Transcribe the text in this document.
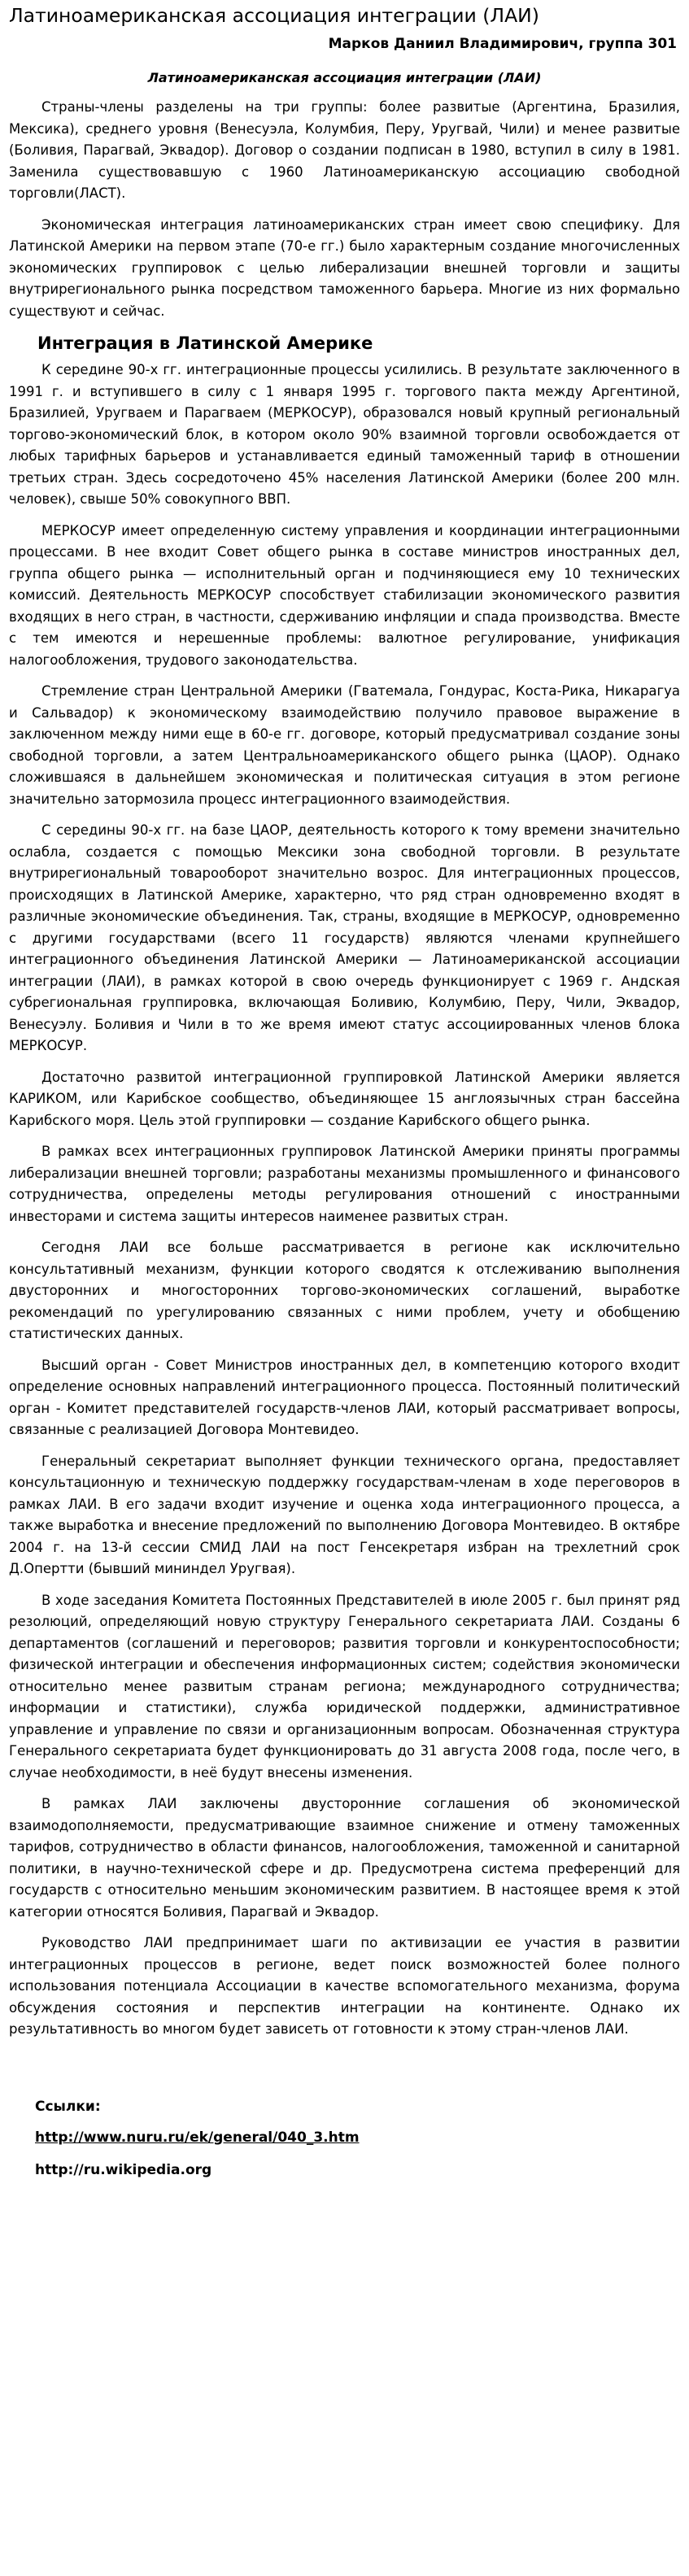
Латиноамериканская ассоциация интеграции (ЛАИ)
Марков Даниил Владимирович, группа 301
Латиноамериканская ассоциация интеграции (ЛАИ)

Страны-члены разделены на три группы: более развитые (Аргентина, Бразилия, Мексика), среднего уровня (Венесуэла, Колумбия, Перу, Уругвай, Чили) и менее развитые (Боливия, Парагвай, Эквадор). Договор о создании подписан в 1980, вступил в силу в 1981. Заменила существовавшую с 1960 Латиноамериканскую ассоциацию свободной торговли(ЛАСТ).

Экономическая интеграция латиноамериканских стран имеет свою специфику. Для Латинской Америки на первом этапе (70-е гг.) было характерным создание многочисленных экономических группировок с целью либерализации внешней торговли и защиты внутрирегионального рынка посредством таможенного барьера. Многие из них формально существуют и сейчас.

Интеграция в Латинской Америке

К середине 90-х гг. интеграционные процессы усилились. В результате заключенного в 1991 г. и вступившего в силу с 1 января 1995 г. торгового пакта между Аргентиной, Бразилией, Уругваем и Парагваем (МЕРКОСУР), образовался новый крупный региональный торгово-экономический блок, в котором около 90% взаимной торговли освобождается от любых тарифных барьеров и устанавливается единый таможенный тариф в отношении третьих стран. Здесь сосредоточено 45% населения Латинской Америки (более 200 млн. человек), свыше 50% совокупного ВВП.

МЕРКОСУР имеет определенную систему управления и координации интеграционными процессами. В нее входит Совет общего рынка в составе министров иностранных дел, группа общего рынка — исполнительный орган и подчиняющиеся ему 10 технических комиссий. Деятельность МЕРКОСУР способствует стабилизации экономического развития входящих в него стран, в частности, сдерживанию инфляции и спада производства. Вместе с тем имеются и нерешенные проблемы: валютное регулирование, унификация налогообложения, трудового законодательства.

Стремление стран Центральной Америки (Гватемала, Гондурас, Коста-Рика, Никарагуа и Сальвадор) к экономическому взаимодействию получило правовое выражение в заключенном между ними еще в 60-е гг. договоре, который предусматривал создание зоны свободной торговли, а затем Центральноамериканского общего рынка (ЦАОР). Однако сложившаяся в дальнейшем экономическая и политическая ситуация в этом регионе значительно затормозила процесс интеграционного взаимодействия.

С середины 90-х гг. на базе ЦАОР, деятельность которого к тому времени значительно ослабла, создается с помощью Мексики зона свободной торговли. В результате внутрирегиональный товарооборот значительно возрос. Для интеграционных процессов, происходящих в Латинской Америке, характерно, что ряд стран одновременно входят в различные экономические объединения. Так, страны, входящие в МЕРКОСУР, одновременно с другими государствами (всего 11 государств) являются членами крупнейшего интеграционного объединения Латинской Америки — Латиноамериканской ассоциации интеграции (ЛАИ), в рамках которой в свою очередь функционирует с 1969 г. Андская субрегиональная группировка, включающая Боливию, Колумбию, Перу, Чили, Эквадор, Венесуэлу. Боливия и Чили в то же время имеют статус ассоциированных членов блока МЕРКОСУР.

Достаточно развитой интеграционной группировкой Латинской Америки является КАРИКОМ, или Карибское сообщество, объединяющее 15 англоязычных стран бассейна Карибского моря. Цель этой группировки — создание Карибского общего рынка.

В рамках всех интеграционных группировок Латинской Америки приняты программы либерализации внешней торговли; разработаны механизмы промышленного и финансового сотрудничества, определены методы регулирования отношений с иностранными инвесторами и система защиты интересов наименее развитых стран.

Сегодня ЛАИ все больше рассматривается в регионе как исключительно консультативный механизм, функции которого сводятся к отслеживанию выполнения двусторонних и многосторонних торгово-экономических соглашений, выработке рекомендаций по урегулированию связанных с ними проблем, учету и обобщению статистических данных.

Высший орган - Совет Министров иностранных дел, в компетенцию которого входит определение основных направлений интеграционного процесса. Постоянный политический орган - Комитет представителей государств-членов ЛАИ, который рассматривает вопросы, связанные с реализацией Договора Монтевидео.

Генеральный секретариат выполняет функции технического органа, предоставляет консультационную и техническую поддержку государствам-членам в ходе переговоров в рамках ЛАИ. В его задачи входит изучение и оценка хода интеграционного процесса, а также выработка и внесение предложений по выполнению Договора Монтевидео. В октябре 2004 г. на 13-й сессии СМИД ЛАИ на пост Генсекретаря избран на трехлетний срок Д.Опертти (бывший мининдел Уругвая).

В ходе заседания Комитета Постоянных Представителей в июле 2005 г. был принят ряд резолюций, определяющий новую структуру Генерального секретариата ЛАИ. Созданы 6 департаментов (соглашений и переговоров; развития торговли и конкурентоспособности; физической интеграции и обеспечения информационных систем; содействия экономически относительно менее развитым странам региона; международного сотрудничества; информации и статистики), служба юридической поддержки, административное управление и управление по связи и организационным вопросам. Обозначенная структура Генерального секретариата будет функционировать до 31 августа 2008 года, после чего, в случае необходимости, в неё будут внесены изменения.

В рамках ЛАИ заключены двусторонние соглашения об экономической взаимодополняемости, предусматривающие взаимное снижение и отмену таможенных тарифов, сотрудничество в области финансов, налогообложения, таможенной и санитарной политики, в научно-технической сфере и др. Предусмотрена система преференций для государств с относительно меньшим экономическим развитием. В настоящее время к этой категории относятся Боливия, Парагвай и Эквадор.

Руководство ЛАИ предпринимает шаги по активизации ее участия в развитии интеграционных процессов в регионе, ведет поиск возможностей более полного использования потенциала Ассоциации в качестве вспомогательного механизма, форума обсуждения состояния и перспектив интеграции на континенте. Однако их результативность во многом будет зависеть от готовности к этому стран-членов ЛАИ.

Ссылки:
http://www.nuru.ru/ek/general/040_3.htm
http://ru.wikipedia.org
